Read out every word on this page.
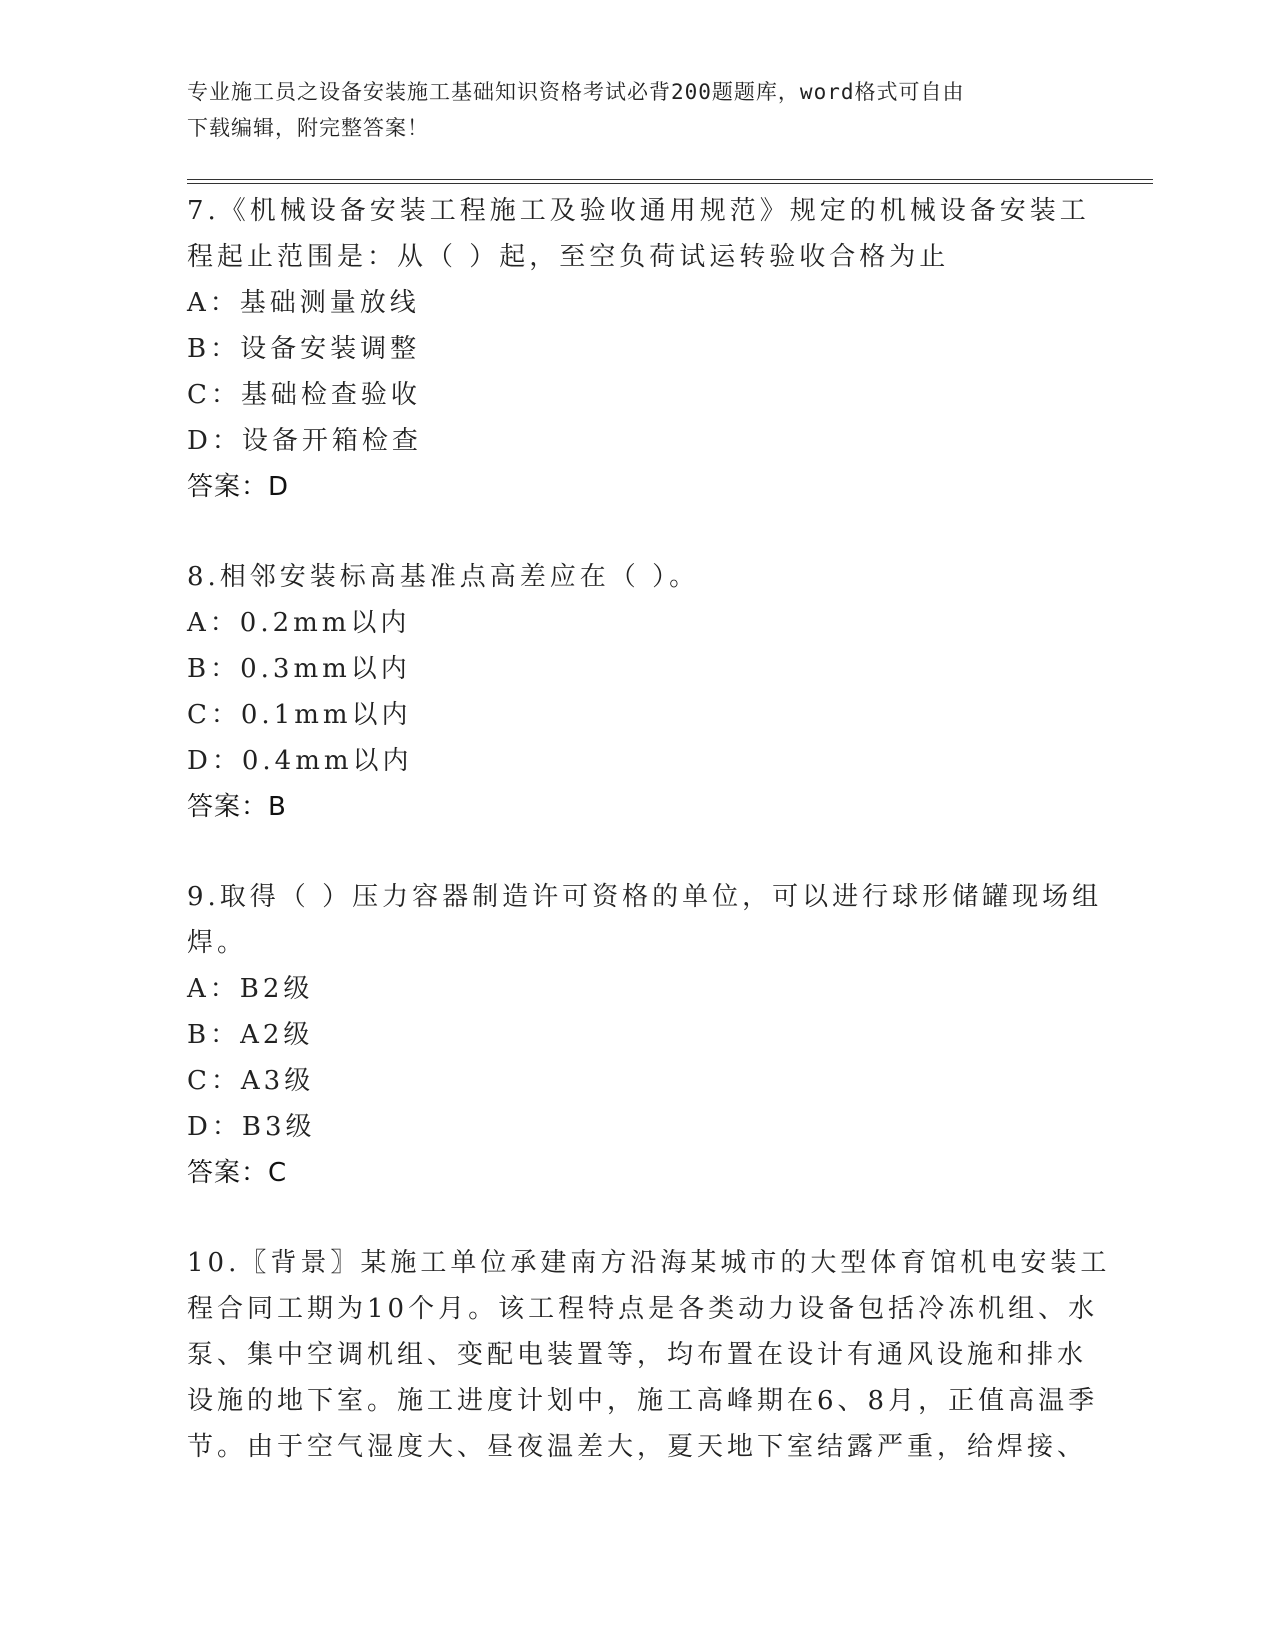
专业施工员之设备安装施工基础知识资格考试必背200题题库，word格式可自由
下载编辑，附完整答案！
7.《机械设备安装工程施工及验收通用规范》规定的机械设备安装工
程起止范围是：从（ ）起，至空负荷试运转验收合格为止
A：基础测量放线
B：设备安装调整
C：基础检查验收
D：设备开箱检查
答案：D
8.相邻安装标高基准点高差应在（ ）。
A：0.2mm以内
B：0.3mm以内
C：0.1mm以内
D：0.4mm以内
答案：B
9.取得（ ）压力容器制造许可资格的单位，可以进行球形储罐现场组
焊。
A：B2级
B：A2级
C：A3级
D：B3级
答案：C
10.〖背景〗某施工单位承建南方沿海某城市的大型体育馆机电安装工
程合同工期为10个月。该工程特点是各类动力设备包括冷冻机组、水
泵、集中空调机组、变配电装置等，均布置在设计有通风设施和排水
设施的地下室。施工进度计划中，施工高峰期在6、8月，正值高温季
节。由于空气湿度大、昼夜温差大，夏天地下室结露严重，给焊接、
